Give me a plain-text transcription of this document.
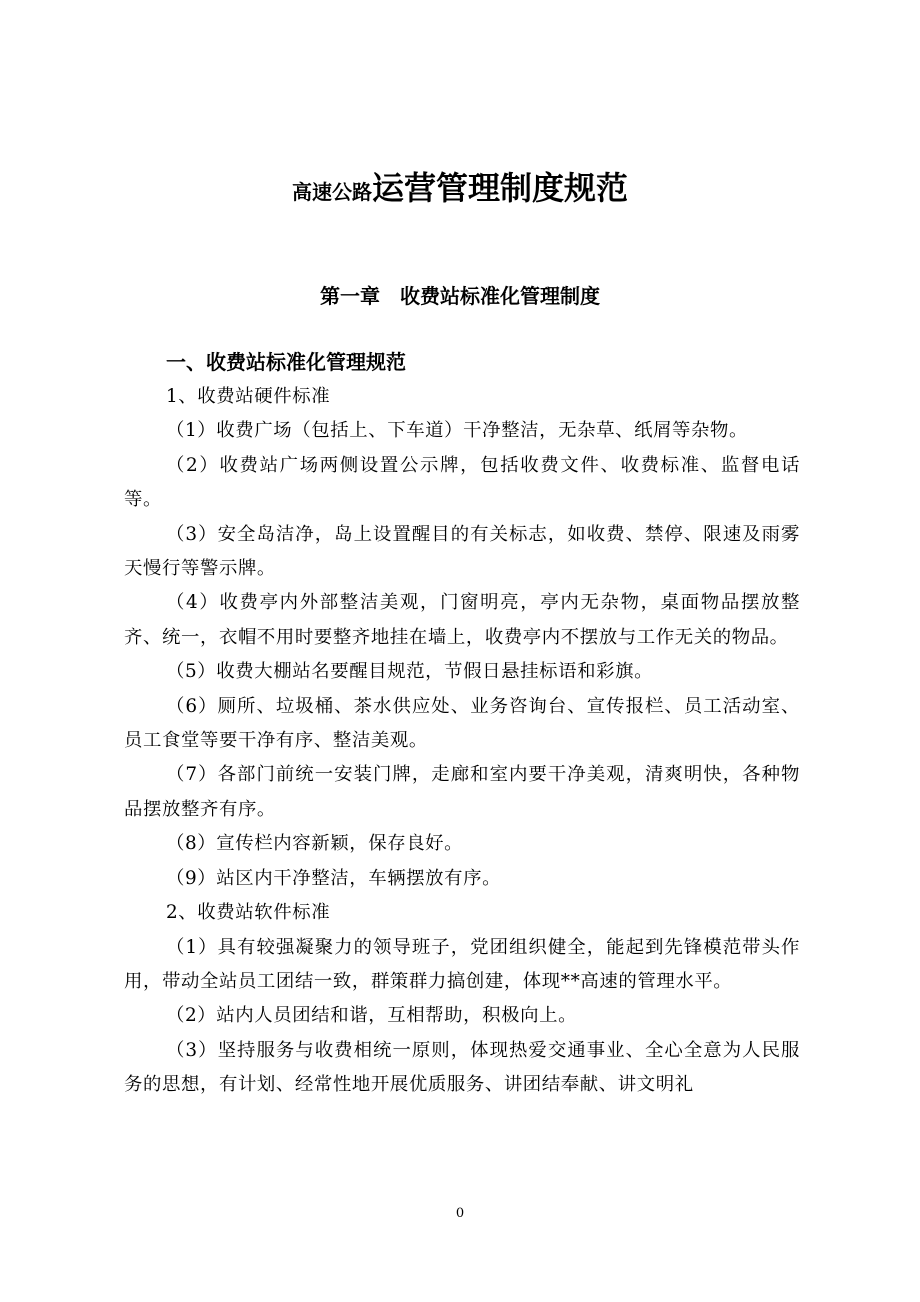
高速公路运营管理制度规范
第一章　收费站标准化管理制度
一、收费站标准化管理规范

1、收费站硬件标准

（1）收费广场（包括上、下车道）干净整洁，无杂草、纸屑等杂物。

（2）收费站广场两侧设置公示牌，包括收费文件、收费标准、监督电话等。

（3）安全岛洁净，岛上设置醒目的有关标志，如收费、禁停、限速及雨雾天慢行等警示牌。

（4）收费亭内外部整洁美观，门窗明亮，亭内无杂物，桌面物品摆放整齐、统一，衣帽不用时要整齐地挂在墙上，收费亭内不摆放与工作无关的物品。

（5）收费大棚站名要醒目规范，节假日悬挂标语和彩旗。

（6）厕所、垃圾桶、茶水供应处、业务咨询台、宣传报栏、员工活动室、员工食堂等要干净有序、整洁美观。

（7）各部门前统一安装门牌，走廊和室内要干净美观，清爽明快，各种物品摆放整齐有序。

（8）宣传栏内容新颖，保存良好。

（9）站区内干净整洁，车辆摆放有序。

2、收费站软件标准

（1）具有较强凝聚力的领导班子，党团组织健全，能起到先锋模范带头作用，带动全站员工团结一致，群策群力搞创建，体现**高速的管理水平。

（2）站内人员团结和谐，互相帮助，积极向上。

（3）坚持服务与收费相统一原则，体现热爱交通事业、全心全意为人民服务的思想，有计划、经常性地开展优质服务、讲团结奉献、讲文明礼

0
